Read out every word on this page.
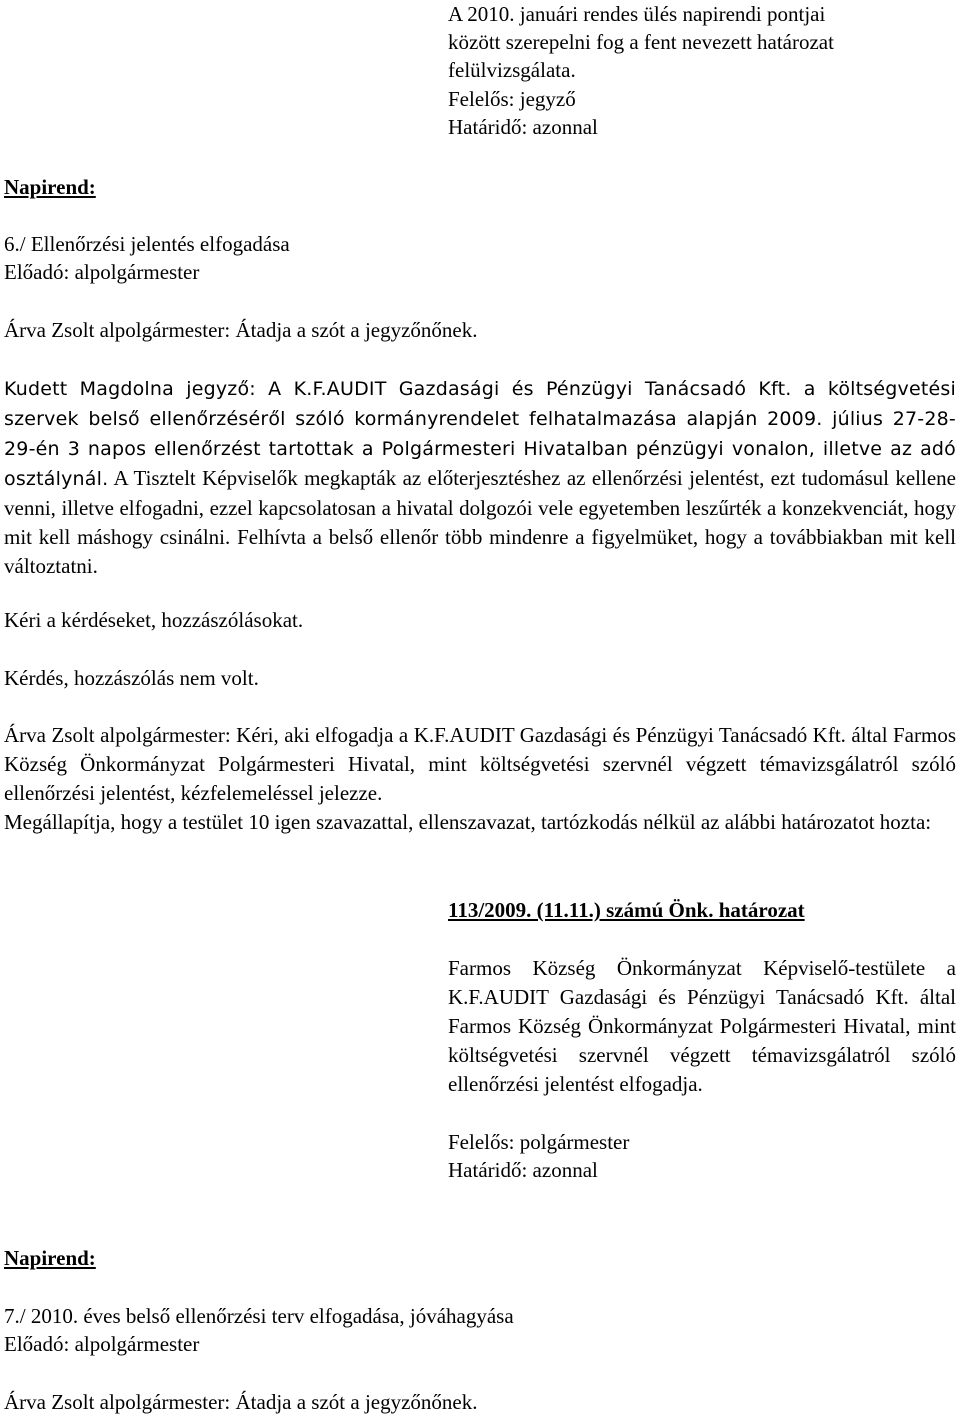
A 2010. januári rendes ülés napirendi pontjai

között szerepelni fog a fent nevezett határozat

felülvizsgálata.

Felelős: jegyző

Határidő: azonnal

Napirend:

6./ Ellenőrzési jelentés elfogadása

Előadó: alpolgármester

Árva Zsolt alpolgármester: Átadja a szót a jegyzőnőnek.

Kudett Magdolna jegyző: A K.F.AUDIT Gazdasági és Pénzügyi Tanácsadó Kft. a költségvetési szervek belső ellenőrzéséről szóló kormányrendelet felhatalmazása alapján 2009. július 27-28-29-én 3 napos ellenőrzést tartottak a Polgármesteri Hivatalban pénzügyi vonalon, illetve az adó osztálynál. A Tisztelt Képviselők megkapták az előterjesztéshez az ellenőrzési jelentést, ezt tudomásul kellene venni, illetve elfogadni, ezzel kapcsolatosan a hivatal dolgozói vele egyetemben leszűrték a konzekvenciát, hogy mit kell máshogy csinálni. Felhívta a belső ellenőr több mindenre a figyelmüket, hogy a továbbiakban mit kell változtatni.

Kéri a kérdéseket, hozzászólásokat.

Kérdés, hozzászólás nem volt.

Árva Zsolt alpolgármester: Kéri, aki elfogadja a K.F.AUDIT Gazdasági és Pénzügyi Tanácsadó Kft. által Farmos Község Önkormányzat Polgármesteri Hivatal, mint költségvetési szervnél végzett témavizsgálatról szóló ellenőrzési jelentést, kézfelemeléssel jelezze.

Megállapítja, hogy a testület 10 igen szavazattal, ellenszavazat, tartózkodás nélkül az alábbi határozatot hozta:

113/2009. (11.11.) számú Önk. határozat

Farmos Község Önkormányzat Képviselő-testülete a K.F.AUDIT Gazdasági és Pénzügyi Tanácsadó Kft. által Farmos Község Önkormányzat Polgármesteri Hivatal, mint költségvetési szervnél végzett témavizsgálatról szóló ellenőrzési jelentést elfogadja.

Felelős: polgármester

Határidő: azonnal

Napirend:

7./ 2010. éves belső ellenőrzési terv elfogadása, jóváhagyása

Előadó: alpolgármester

Árva Zsolt alpolgármester: Átadja a szót a jegyzőnőnek.
